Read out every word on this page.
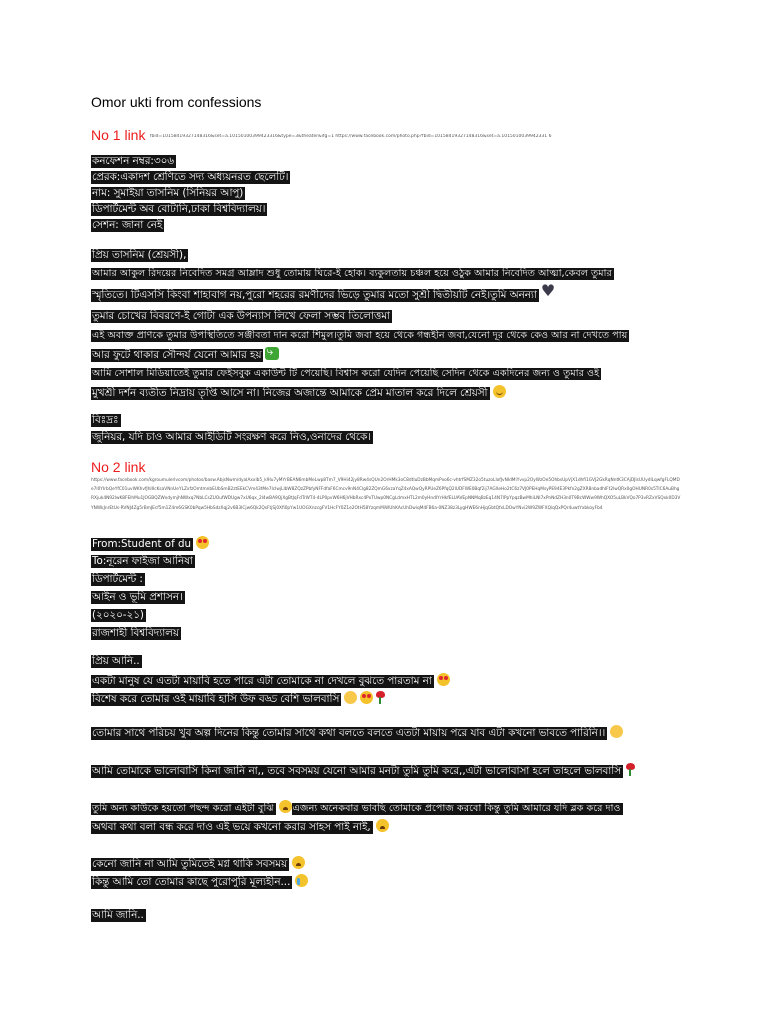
Omor ukti from confessions
No 1 link fbid=10158419327148316&set=a.10150100399423316&type=3&theater&ifg=1 https://www.facebook.com/photo.php?fbid=10158419327148316&set=a.1015010039942331 6
কনফেশন নম্বর:৩০৬
প্রেরক:একাদশ শ্রেণিতে সদ্য অধ্যয়নরত ছেলেটি।
নাম: সুমাইয়া তাসনিম (সিনিয়র আপু)
ডিপার্টমেন্ট অব বোটানি,ঢাকা বিশ্ববিদ্যালয়।
সেশন: জানা নেই
প্রিয় তাসনিম (শ্রেয়সী),
আমার আকুল রিদয়ের নিবেদিত সমগ্র আম্লাদ শুধু তোমায় ঘিরে-ই হোক। ব্যকুলতায় চঞ্চল হয়ে ওঠুক আমার নিবেদিত আত্মা,কেবল তুমার
স্মৃতিতে। টিএসসি কিংবা শাহাবাগ নয়,পুরো শহরের রমণীদের ভিড়ে তুমার মতো সুশ্রী দ্বিতীয়টি নেই।তুমি অনন্যা♥
তুমার চোখের বিবরণে-ই গোটা এক উপন্যাস লিখে ফেলা সম্ভব তিলোত্তমা♥
এই অবাক্ত প্রাণকে তুমার উপস্থিতিতে সঞ্জীবতা দান করো শিমুল।তুমি জবা হয়ে থেকে গন্ধহীন জবা,যেনো দূর থেকে কেও আর না দেখতে পায়
আর ফুটে থাকার সৌন্দর্য যেনো আমার হয়⤷
আমি সোশাল মিডিয়াতেই তুমার ফেইসবুক একাউন্ট টি পেয়েছি। বিশ্বাস করো যেদিন পেয়েছি সেদিন থেকে একদিনের জন্য ও তুমার ওই
মুখশ্রী দর্শন ব্যতীত নিদ্রায় তৃপ্তি আসে না। নিজের অজান্তে আমাকে প্রেম মাতাল করে দিলে শ্রেয়সী
বিঃদ্রঃ
জুনিয়র, যদি চাও আমার আইডিটি সংরক্ষণ করে নিও,ওনাদের থেকে।
No 2 link
https://www.facebook.com/kgroumulerlvcom/photos/basw.AbjsNwm/dyaIAxxlb5_k9Iu7yMYrBEAN6mbMeLwp8Tm7_V9Hi42jy8Rw4sQUn2OrHMk3oC8dtIuDzBbMqmPxo6c-vhtrfSMZ32o5tuzoLlofJvNIdMiYvvp2OyWzOe5OhbsUpVjX1dhfi1GVJ2GkRqNntK3CAjDJIsUUydlLqwfgFLQMDe7l0YIrbQeYfC01uvWKhvfJhIIIcKsaVNnUeYLZxfzOmtmnbEUbSmB2ztEEkCVm43tMe7IcIwjLlbW8ZQzZPbfyNFFdfaF6Cmcv9nN4Clg82ZQmG6xzaYqZ4xAQwQyRPUeZ6PfqQ2lUDFWE0Bqf2ij7AGXeHo2tC6z7VJ0PEHqMsyPE94E3Pkfn2gZXR8nbadhIFt2lwQRx0gOHUNR0s5TlC6AuBhgRXjuk4N92lwK8FElhMu1JOGBQZWxdymjhNWxq7NbLCsZUOufWDUgw7xU6qx_2l4wBA9QjXgBtJqFdTrWT4-4LP0pvW6H6jVHbRxc4PxTUwp0NCgLdmxHTL2m0yHndIYrHkfELUAVEpNNMqBzEq14N7lPpYpqzBwMhiLNI7xPnNdZH3n0T9BcWWw9WhQXO5uLBkVQo7P3vRZxVSQxk0D3VYNWkJnrEtUs-RVNJ4Zg5rBmJEcf5m1Z4m6GSK0bPqw5HbSdzXqj2v6B3ICjw6Qk2QsFtjSj0Xfi0pYw1UOGXnzcgFV1HcFY0Z1e2OtH58YzqmMiWUhKAcUhDwiqM4FB6a-0NZ38z3LygHWE6nHjqGbtQfxLDOwYNvi2W9ZWFXQiqQxPQr4uwtYxbkoyFb4
From:Student of du
To:নূরেন ফাইজা আনিষা
ডিপার্টমেন্ট :
আইন ও ভূমি প্রশাসন।
(২০২০-২১)
রাজশাহী বিশ্ববিদ্যালয়
প্রিয় আনি..
একটা মানুষ যে এতটা মায়াবি হতে পারে এটা তোমাকে না দেখলে বুঝতে পারতাম না
বিশেষ করে তোমার ওই মায়াবি হাসি উফ বড্ড বেশি ভালবাসি
তোমার সাথে পরিচয় খুব অল্প দিনের কিন্তু তোমার সাথে কথা বলতে বলতে এতটা মায়ায় পরে যাব এটা কখনো ভাবতে পারিনি।।
আমি তোমাকে ভালোবাসি কিনা জানি না,, তবে সবসময় যেনো আমার মনটা তুমি তুমি করে,,এটা ভালোবাসা হলে তাহলে ভালবাসি
তুমি অন্য কাউকে হয়তো পছন্দ করো এইটা বুঝি এজন্য অনেকবার ভাবছি তোমাকে প্রপোজ করবো কিন্তু তুমি আমারে যদি ব্লক করে দাও
অথবা কথা বলা বন্ধ করে দাও এই ভয়ে কখনো করার সাহস পাই নাই,
কেনো জানি না আমি তুমিতেই মগ্ন থাকি সবসময়
কিন্তু আমি তো তোমার কাছে পুরোপুরি মূল্যহীন...
আমি জানি..
